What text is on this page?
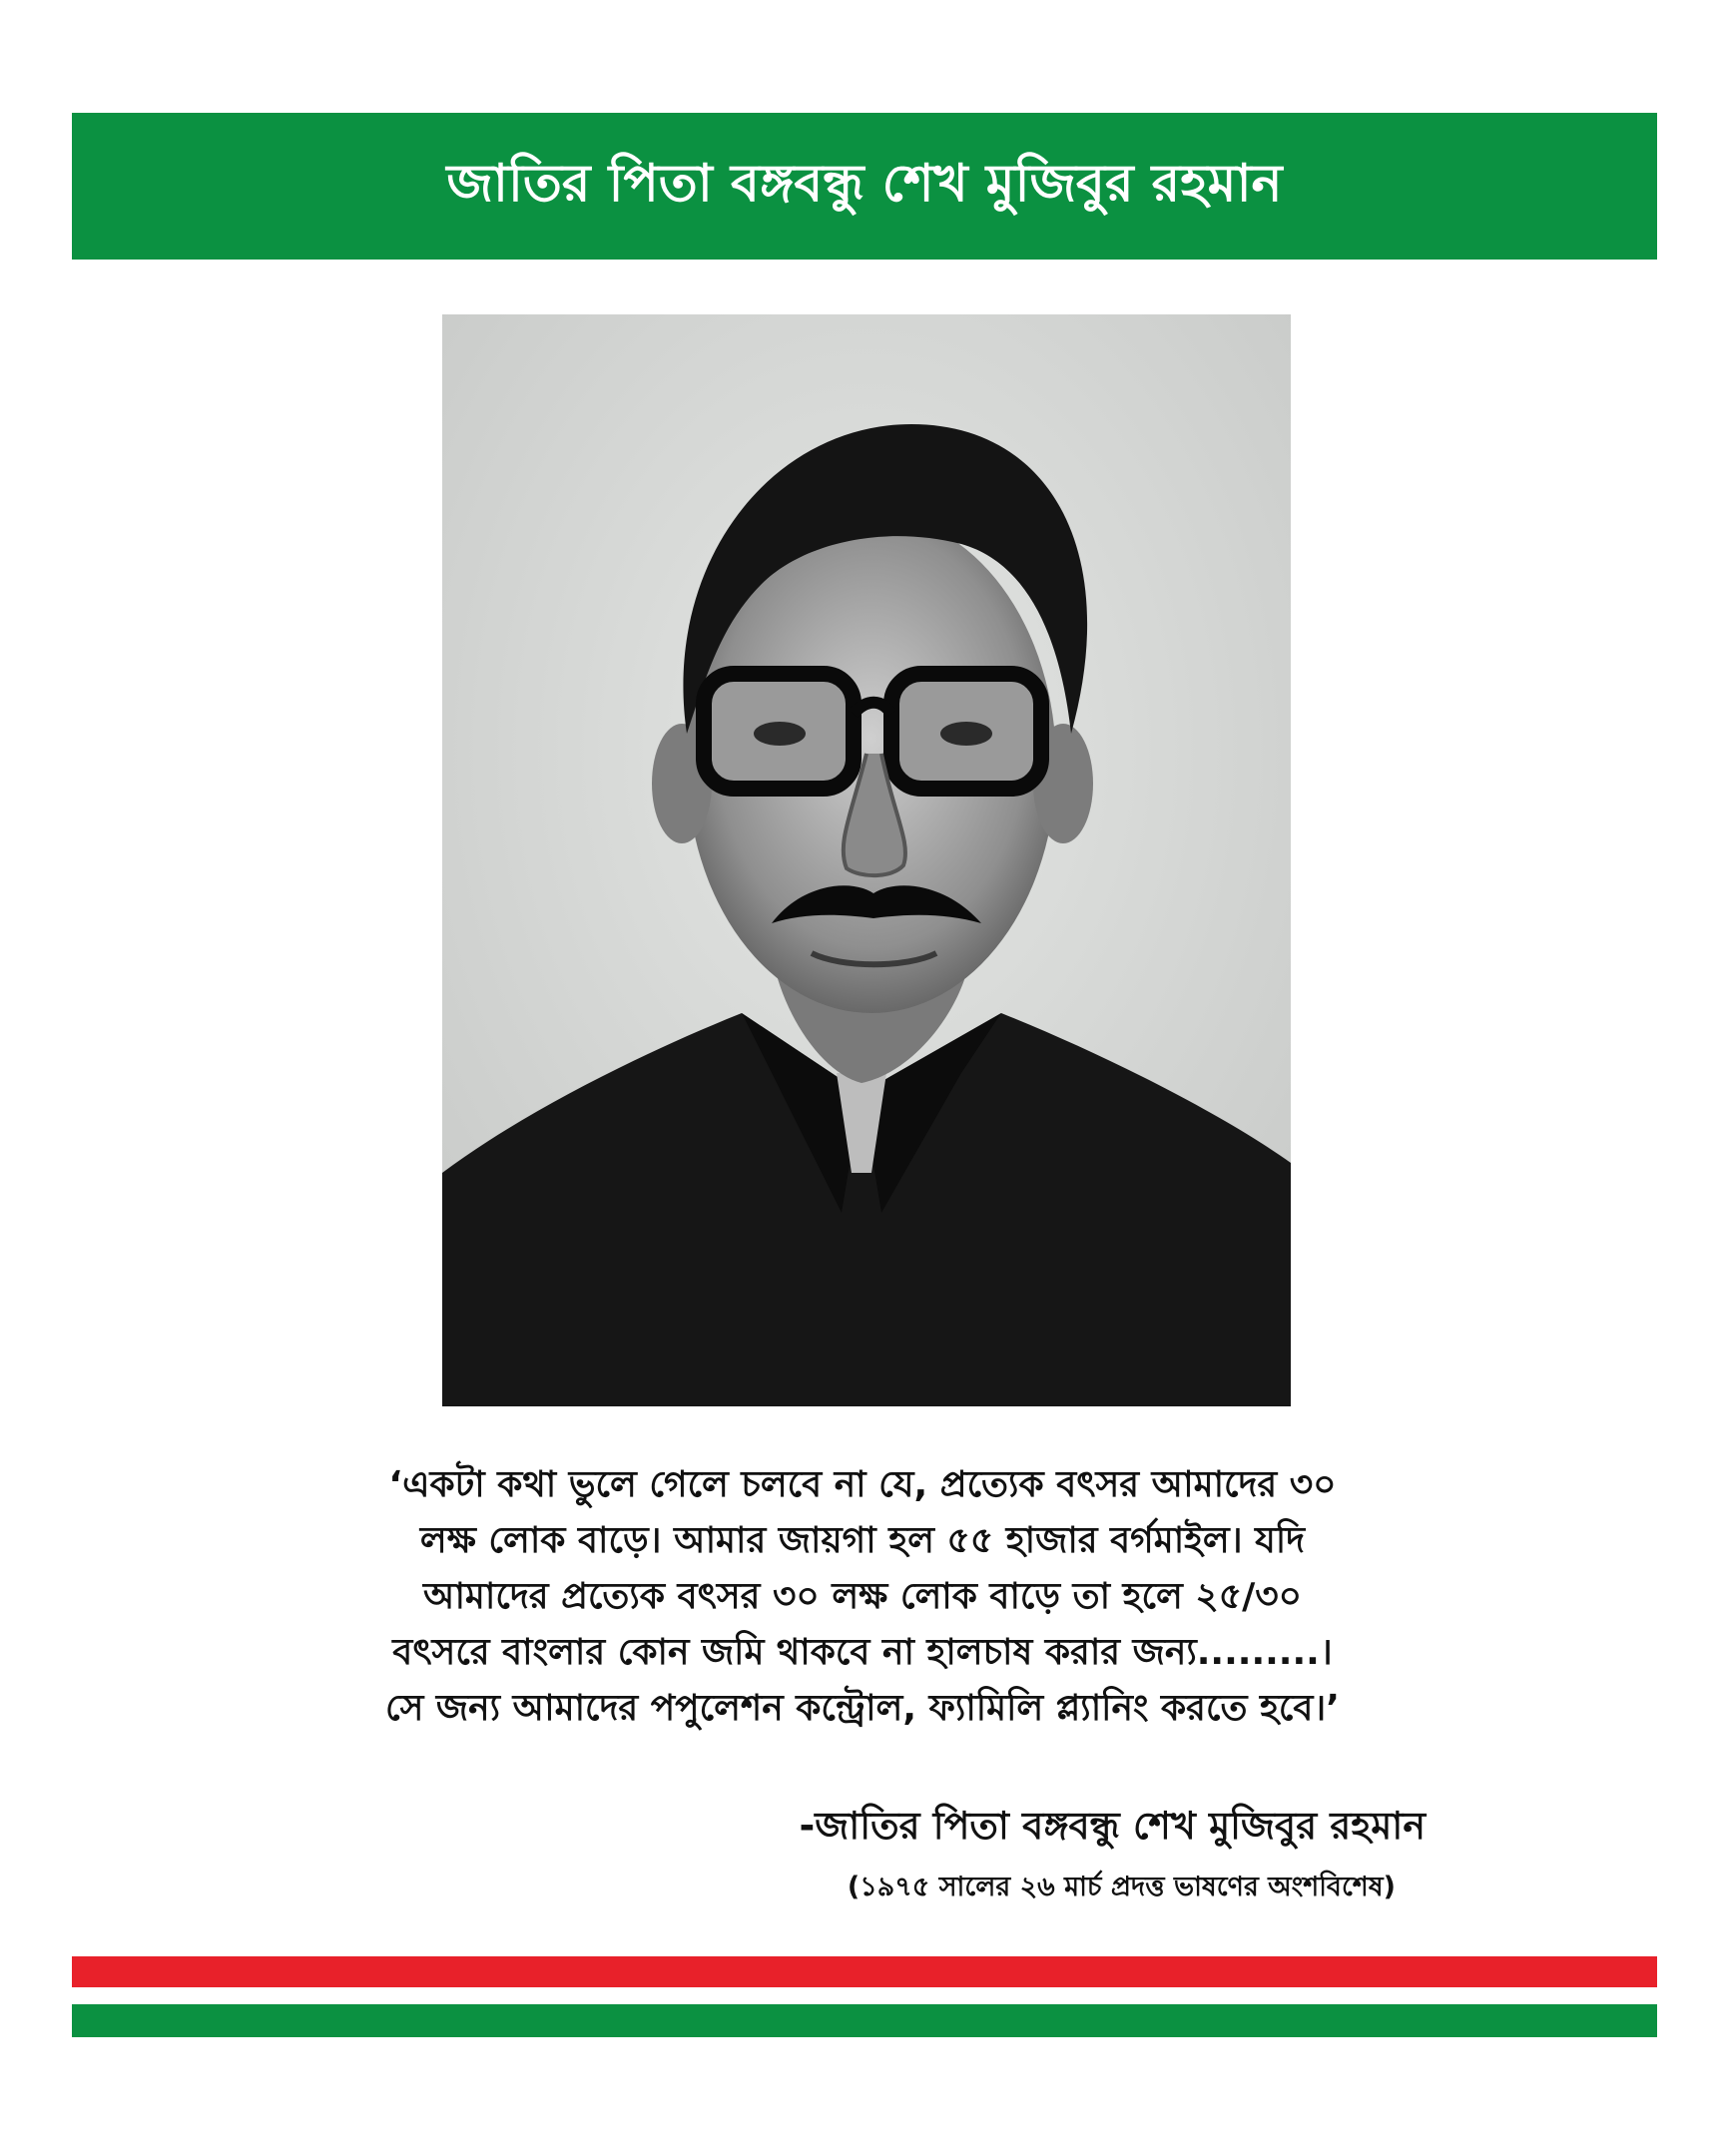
জাতির পিতা বঙ্গবন্ধু শেখ মুজিবুর রহমান
‘একটা কথা ভুলে গেলে চলবে না যে, প্রত্যেক বৎসর আমাদের ৩০
লক্ষ লোক বাড়ে। আমার জায়গা হল ৫৫ হাজার বর্গমাইল। যদি
আমাদের প্রত্যেক বৎসর ৩০ লক্ষ লোক বাড়ে তা হলে ২৫/৩০
বৎসরে বাংলার কোন জমি থাকবে না হালচাষ করার জন্য.........।
সে জন্য আমাদের পপুলেশন কন্ট্রোল, ফ্যামিলি প্ল্যানিং করতে হবে।’
-জাতির পিতা বঙ্গবন্ধু শেখ মুজিবুর রহমান
(১৯৭৫ সালের ২৬ মার্চ প্রদত্ত ভাষণের অংশবিশেষ)
